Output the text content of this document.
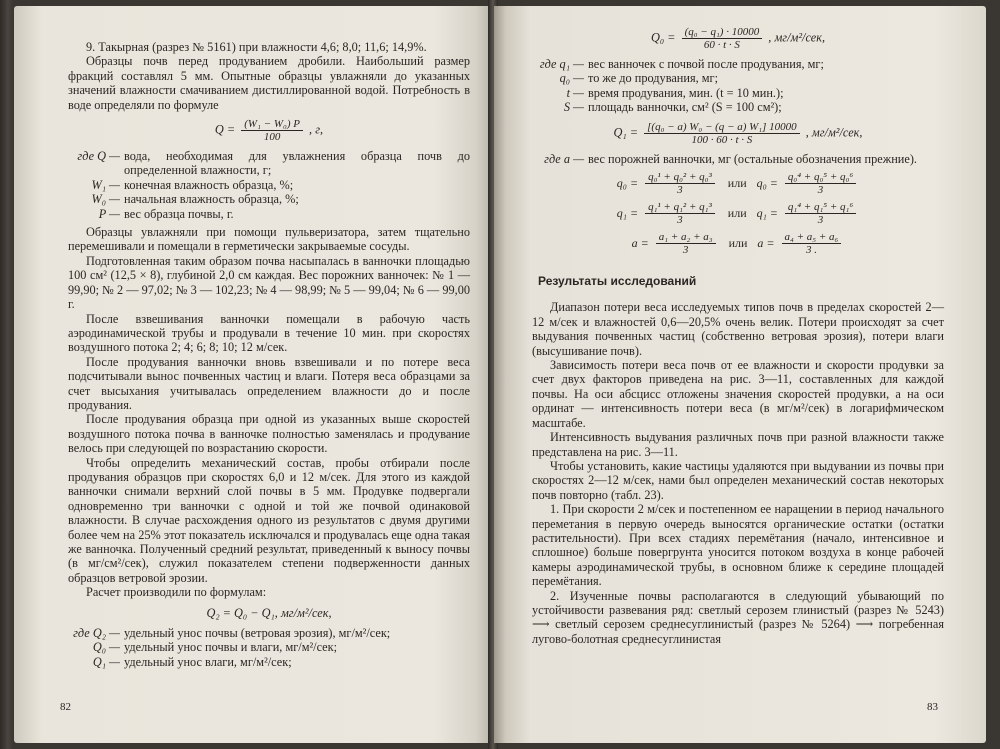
9. Такырная (разрез № 5161) при влажности 4,6; 8,0; 11,6; 14,9%.

Образцы почв перед продуванием дробили. Наибольший размер фракций составлял 5 мм. Опытные образцы увлажняли до указанных значений влажности смачиванием дистиллированной водой. Потребность в воде определяли по формуле

$Q = \frac{\text{(W₁ − W₀) P}}{100}$ , г,
где Q — вода, необходимая для увлажнения образца почв до определенной влажности, г;
W₁ — конечная влажность образца, %;
W₀ — начальная влажность образца, %;
P — вес образца почвы, г.

Образцы увлажняли при помощи пульверизатора, затем тщательно перемешивали и помещали в герметически закрываемые сосуды.

Подготовленная таким образом почва насыпалась в ванночки площадью 100 см² (12,5 × 8), глубиной 2,0 см каждая. Вес порожних ванночек: № 1 — 99,90; № 2 — 97,02; № 3 — 102,23; № 4 — 98,99; № 5 — 99,04; № 6 — 99,00 г.

После взвешивания ванночки помещали в рабочую часть аэродинамической трубы и продували в течение 10 мин. при скоростях воздушного потока 2; 4; 6; 8; 10; 12 м/сек.

После продувания ванночки вновь взвешивали и по потере веса подсчитывали вынос почвенных частиц и влаги. Потеря веса образцами за счет высыхания учитывалась определением влажности до и после продувания.

После продувания образца при одной из указанных выше скоростей воздушного потока почва в ванночке полностью заменялась и продувание велось при следующей по возрастанию скорости.

Чтобы определить механический состав, пробы отбирали после продувания образцов при скоростях 6,0 и 12 м/сек. Для этого из каждой ванночки снимали верхний слой почвы в 5 мм. Продувке подвергали одновременно три ванночки с одной и той же почвой одинаковой влажности. В случае расхождения одного из результатов с двумя другими более чем на 25% этот показатель исключался и продувалась еще одна такая же ванночка. Полученный средний результат, приведенный к выносу почвы (в мг/см²/сек), служил показателем степени подверженности данных образцов ветровой эрозии.

Расчет производили по формулам:

Q₂ = Q₀ − Q₁, мг/м²/сек,
где Q₂ — удельный унос почвы (ветровая эрозия), мг/м²/сек;
Q₀ — удельный унос почвы и влаги, мг/м²/сек;
Q₁ — удельный унос влаги, мг/м²/сек;
82
$Q_0 = \frac{\text{(q₀ − q₁) · 10000}}{60 \cdot t \cdot S}$ , мг/м²/сек,
где q₁ — вес ванночек с почвой после продувания, мг;
q₀ — то же до продувания, мг;
t — время продувания, мин. (t = 10 мин.);
S — площадь ванночки, см² (S = 100 см²);
$Q_1 = \frac{\text{[(q₀ − a) W₀ − (q − a) W₁] 10000}}{100 \cdot 60 \cdot t \cdot S}$ , мг/м²/сек,
где a — вес порожней ванночки, мг (остальные обозначения прежние).
$q_0 = \frac{\text{q₀¹ + q₀² + q₀³}}{3}$ или $q_0 = \frac{\text{q₀⁴ + q₀⁵ + q₀⁶}}{3}$
$q_1 = \frac{\text{q₁¹ + q₁² + q₁³}}{3}$ или $q_1 = \frac{\text{q₁⁴ + q₁⁵ + q₁⁶}}{3}$
$a = \frac{\text{a₁ + a₂ + a₃}}{3}$ или $a = \frac{\text{a₄ + a₅ + a₆}}{3 .}$
Результаты исследований

Диапазон потери веса исследуемых типов почв в пределах скоростей 2—12 м/сек и влажностей 0,6—20,5% очень велик. Потери происходят за счет выдувания почвенных частиц (собственно ветровая эрозия), потери влаги (высушивание почв).

Зависимость потери веса почв от ее влажности и скорости продувки за счет двух факторов приведена на рис. 3—11, составленных для каждой почвы. На оси абсцисс отложены значения скоростей продувки, а на оси ординат — интенсивность потери веса (в мг/м²/сек) в логарифмическом масштабе.

Интенсивность выдувания различных почв при разной влажности также представлена на рис. 3—11.

Чтобы установить, какие частицы удаляются при выдувании из почвы при скоростях 2—12 м/сек, нами был определен механический состав некоторых почв повторно (табл. 23).

1. При скорости 2 м/сек и постепенном ее наращении в период начального переметания в первую очередь выносятся органические остатки (остатки растительности). При всех стадиях перемётания (начало, интенсивное и сплошное) больше повергрунта уносится потоком воздуха в конце рабочей камеры аэродинамической трубы, в основном ближе к середине площадей перемётания.

2. Изученные почвы располагаются в следующий убывающий по устойчивости развевания ряд: светлый серозем глинистый (разрез № 5243) ⟶ светлый серозем среднесуглинистый (разрез № 5264) ⟶ погребенная лугово-болотная среднесуглинистая

83
